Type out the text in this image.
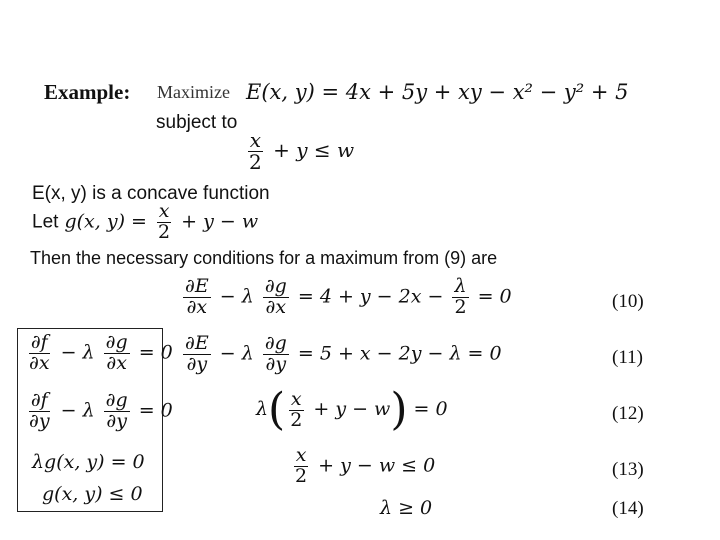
Example: Maximize E(x, y) = 4x + 5y + xy − x² − y² + 5
subject to
$\frac{x}{2} + y \le w$
E(x, y) is a concave function
Let g(x, $y) = \frac{x}{2} + y - w$
Then the necessary conditions for a maximum from (9) are
$\frac{\partial E}{\partial x} - \lambda \frac{\partial g}{\partial x} = 4 + y - 2x - \frac{\lambda}{2} = 0$	(10)
$\frac{\partial E}{\partial y} - \lambda \frac{\partial g}{\partial y} = 5 + x - 2y - \lambda = 0$	(11)
$\lambda( \frac{x}{2} + y - w) = 0$	(12)
$\frac{x}{2} + y - w \le 0$	(13)
λ ≥ 0	(14)
$\frac{\partial f}{\partial x} - \lambda \frac{\partial g}{\partial x} = 0$
$\frac{\partial f}{\partial y} - \lambda \frac{\partial g}{\partial y} = 0$
λg(x, y) = 0
g(x, y) ≤ 0
